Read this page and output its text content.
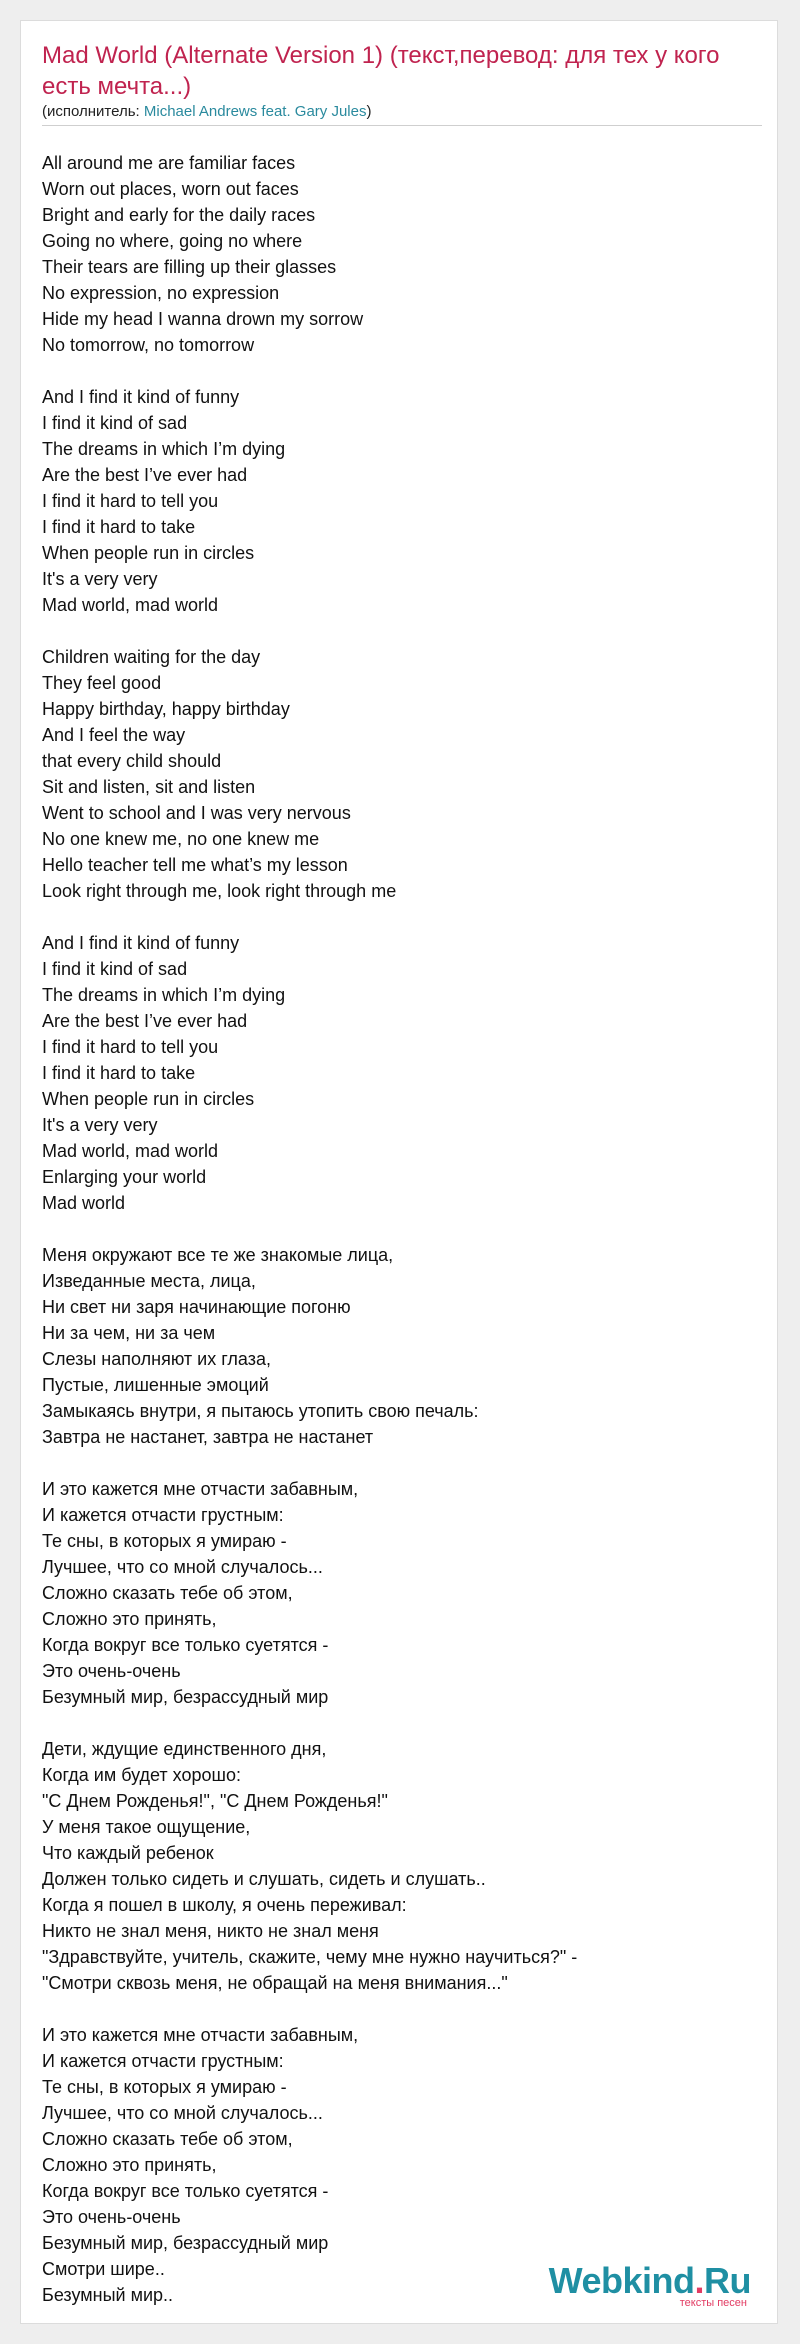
Mad World (Alternate Version 1) (текст,перевод: для тех у кого есть мечта...)
(исполнитель: Michael Andrews feat. Gary Jules)
All around me are familiar faces
Worn out places, worn out faces
Bright and early for the daily races
Going no where, going no where
Their tears are filling up their glasses
No expression, no expression
Hide my head I wanna drown my sorrow
No tomorrow, no tomorrow
And I find it kind of funny
I find it kind of sad
The dreams in which I’m dying
Are the best I’ve ever had
I find it hard to tell you
I find it hard to take
When people run in circles
It's a very very
Mad world, mad world
Children waiting for the day
They feel good
Happy birthday, happy birthday
And I feel the way
that every child should
Sit and listen, sit and listen
Went to school and I was very nervous
No one knew me, no one knew me
Hello teacher tell me what’s my lesson
Look right through me, look right through me
And I find it kind of funny
I find it kind of sad
The dreams in which I’m dying
Are the best I’ve ever had
I find it hard to tell you
I find it hard to take
When people run in circles
It's a very very
Mad world, mad world
Enlarging your world
Mad world
Меня окружают все те же знакомые лица,
Изведанные места, лица,
Ни свет ни заря начинающие погоню
Ни за чем, ни за чем
Слезы наполняют их глаза,
Пустые, лишенные эмоций
Замыкаясь внутри, я пытаюсь утопить свою печаль:
Завтра не настанет, завтра не настанет
И это кажется мне отчасти забавным,
И кажется отчасти грустным:
Те сны, в которых я умираю -
Лучшее, что со мной случалось...
Сложно сказать тебе об этом,
Сложно это принять,
Когда вокруг все только суетятся -
Это очень-очень
Безумный мир, безрассудный мир
Дети, ждущие единственного дня,
Когда им будет хорошо:
"С Днем Рожденья!", "С Днем Рожденья!"
У меня такое ощущение,
Что каждый ребенок
Должен только сидеть и слушать, сидеть и слушать..
Когда я пошел в школу, я очень переживал:
Никто не знал меня, никто не знал меня
"Здравствуйте, учитель, скажите, чему мне нужно научиться?" -
"Смотри сквозь меня, не обращай на меня внимания..."
И это кажется мне отчасти забавным,
И кажется отчасти грустным:
Те сны, в которых я умираю -
Лучшее, что со мной случалось...
Сложно сказать тебе об этом,
Сложно это принять,
Когда вокруг все только суетятся -
Это очень-очень
Безумный мир, безрассудный мир
Смотри шире..
Безумный мир..	Webkind.Ru
тексты песен
